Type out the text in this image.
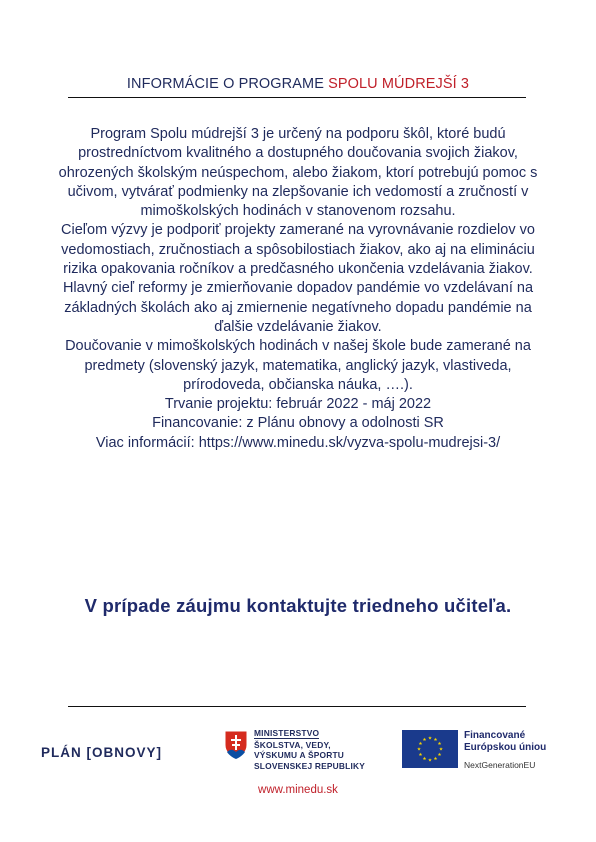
INFORMÁCIE O PROGRAME SPOLU MÚDREJŠÍ 3

Program Spolu múdrejší 3 je určený na podporu škôl, ktoré budú prostredníctvom kvalitného a dostupného doučovania svojich žiakov, ohrozených školským neúspechom, alebo žiakom, ktorí potrebujú pomoc s učivom, vytvárať podmienky na zlepšovanie ich vedomostí a zručností v mimoškolských hodinách v stanovenom rozsahu.

Cieľom výzvy je podporiť projekty zamerané na vyrovnávanie rozdielov vo vedomostiach, zručnostiach a spôsobilostiach žiakov, ako aj na elimináciu rizika opakovania ročníkov a predčasného ukončenia vzdelávania žiakov.

Hlavný cieľ reformy je zmierňovanie dopadov pandémie vo vzdelávaní na základných školách ako aj zmiernenie negatívneho dopadu pandémie na ďalšie vzdelávanie žiakov.

Doučovanie v mimoškolských hodinách v našej škole bude zamerané na predmety (slovenský jazyk, matematika, anglický jazyk, vlastiveda, prírodoveda, občianska náuka, ….).

Trvanie projektu: február 2022 - máj 2022

Financovanie: z Plánu obnovy a odolnosti SR

Viac informácií: https://www.minedu.sk/vyzva-spolu-mudrejsi-3/

V prípade záujmu kontaktujte triedneho učiteľa.
PLÁN [OBNOVY]
MINISTERSTVO
ŠKOLSTVA, VEDY,
VÝSKUMU A ŠPORTU
SLOVENSKEJ REPUBLIKY
Financované
Európskou úniou
NextGenerationEU
www.minedu.sk
